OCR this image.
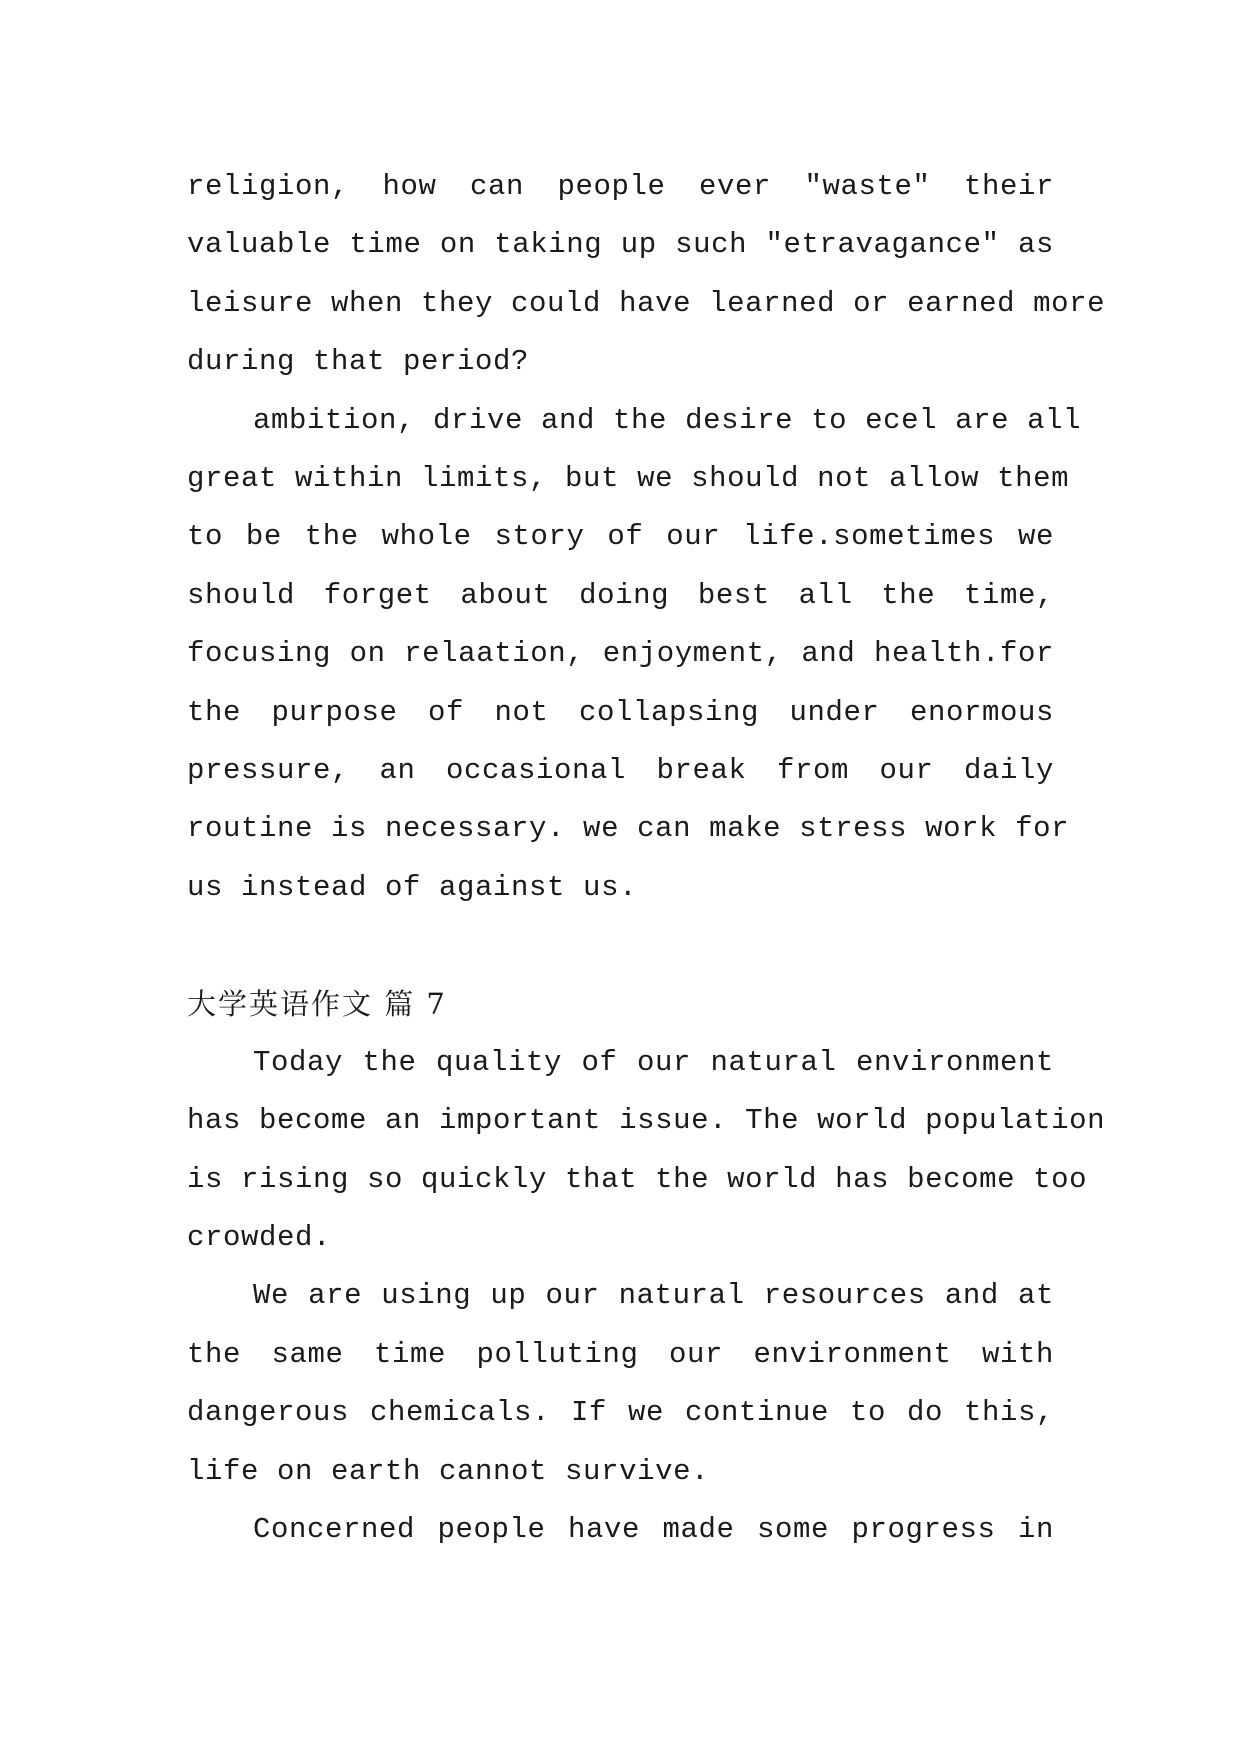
religion, how can people ever "waste" their
valuable time on taking up such "etravagance" as
leisure when they could have learned or earned more
during that period?
ambition, drive and the desire to ecel are all
great within limits, but we should not allow them
to be the whole story of our life.sometimes we
should forget about doing best all the time,
focusing on relaation, enjoyment, and health.for
the purpose of not collapsing under enormous
pressure, an occasional break from our daily
routine is necessary. we can make stress work for
us instead of against us.
大学英语作文 篇 7
Today the quality of our natural environment
has become an important issue. The world population
is rising so quickly that the world has become too
crowded.
We are using up our natural resources and at
the same time polluting our environment with
dangerous chemicals. If we continue to do this,
life on earth cannot survive.
Concerned people have made some progress in
